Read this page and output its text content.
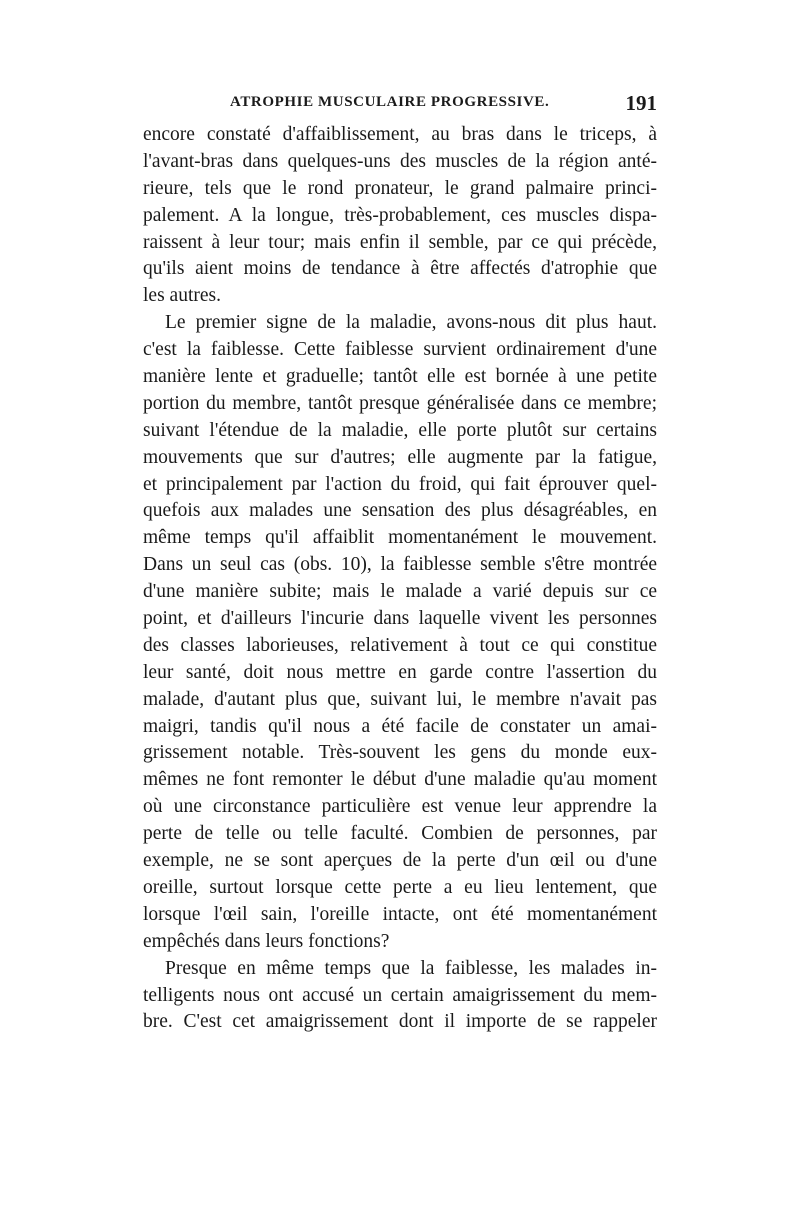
ATROPHIE MUSCULAIRE PROGRESSIVE.	191
encore constaté d'affaiblissement, au bras dans le triceps, à
l'avant-bras dans quelques-uns des muscles de la région anté-
rieure, tels que le rond pronateur, le grand palmaire princi-
palement. A la longue, très-probablement, ces muscles dispa-
raissent à leur tour; mais enfin il semble, par ce qui précède,
qu'ils aient moins de tendance à être affectés d'atrophie que
les autres.
Le premier signe de la maladie, avons-nous dit plus haut.
c'est la faiblesse. Cette faiblesse survient ordinairement d'une
manière lente et graduelle; tantôt elle est bornée à une petite
portion du membre, tantôt presque généralisée dans ce membre;
suivant l'étendue de la maladie, elle porte plutôt sur certains
mouvements que sur d'autres; elle augmente par la fatigue,
et principalement par l'action du froid, qui fait éprouver quel-
quefois aux malades une sensation des plus désagréables, en
même temps qu'il affaiblit momentanément le mouvement.
Dans un seul cas (obs. 10), la faiblesse semble s'être montrée
d'une manière subite; mais le malade a varié depuis sur ce
point, et d'ailleurs l'incurie dans laquelle vivent les personnes
des classes laborieuses, relativement à tout ce qui constitue
leur santé, doit nous mettre en garde contre l'assertion du
malade, d'autant plus que, suivant lui, le membre n'avait pas
maigri, tandis qu'il nous a été facile de constater un amai-
grissement notable. Très-souvent les gens du monde eux-
mêmes ne font remonter le début d'une maladie qu'au moment
où une circonstance particulière est venue leur apprendre la
perte de telle ou telle faculté. Combien de personnes, par
exemple, ne se sont aperçues de la perte d'un œil ou d'une
oreille, surtout lorsque cette perte a eu lieu lentement, que
lorsque l'œil sain, l'oreille intacte, ont été momentanément
empêchés dans leurs fonctions?
Presque en même temps que la faiblesse, les malades in-
telligents nous ont accusé un certain amaigrissement du mem-
bre. C'est cet amaigrissement dont il importe de se rappeler
